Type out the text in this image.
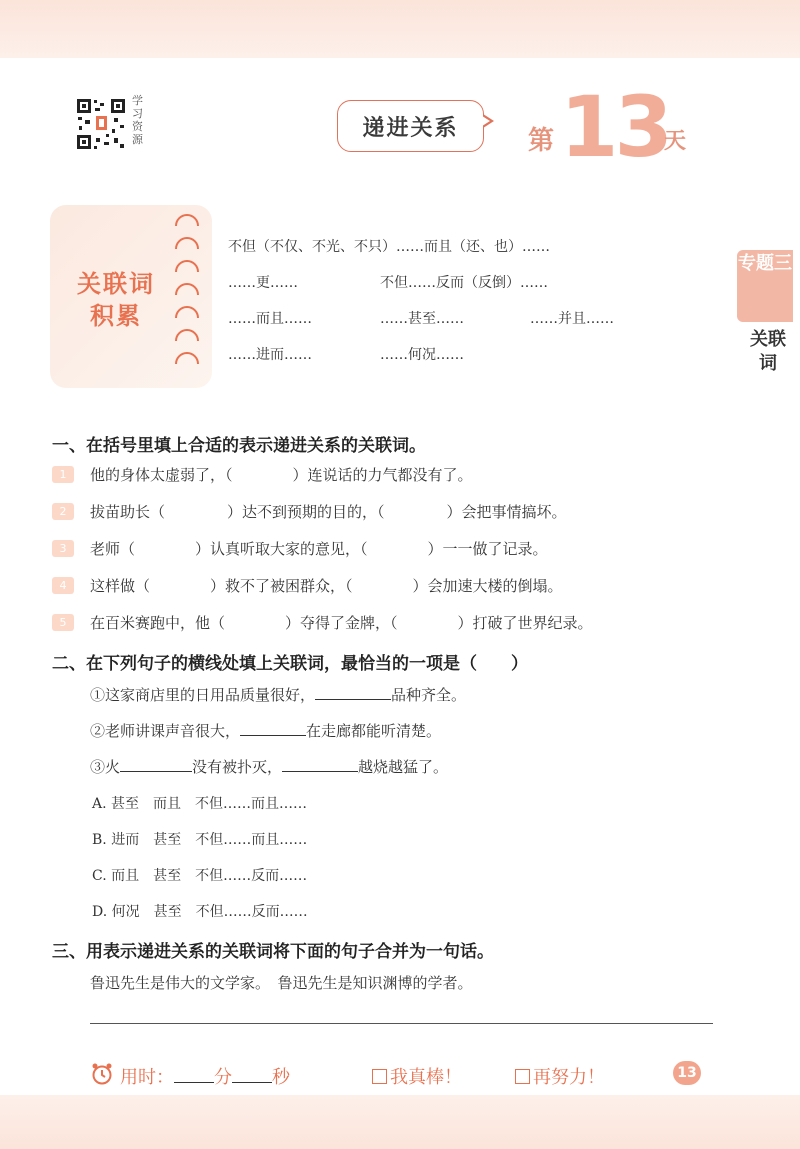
学习资源	递进关系	第 13
天
关联词
积累
不但（不仅、不光、不只）……而且（还、也）……
……更……	不但……反而（反倒）……
……而且……	……甚至……	……并且……
……进而……	……何况……
专题三
关联词
一、在括号里填上合适的表示递进关系的关联词。
1	他的身体太虚弱了，（	）连说话的力气都没有了。
2	拔苗助长（	）达不到预期的目的，（	）会把事情搞坏。
3	老师（	）认真听取大家的意见，（	）一一做了记录。
4	这样做（	）救不了被困群众，（	）会加速大楼的倒塌。
5	在百米赛跑中，他（	）夺得了金牌，（	）打破了世界纪录。
二、在下列句子的横线处填上关联词，最恰当的一项是（　　）
①这家商店里的日用品质量很好，	品种齐全。
②老师讲课声音很大，	在走廊都能听清楚。
③火	没有被扑灭，	越烧越猛了。
A. 甚至　而且　不但……而且……
B. 进而　甚至　不但……而且……
C. 而且　甚至　不但……反而……
D. 何况　甚至　不但……反而……
三、用表示递进关系的关联词将下面的句子合并为一句话。
鲁迅先生是伟大的文学家。　鲁迅先生是知识渊博的学者。
用时： 分 秒	我真棒！	再努力！	13
